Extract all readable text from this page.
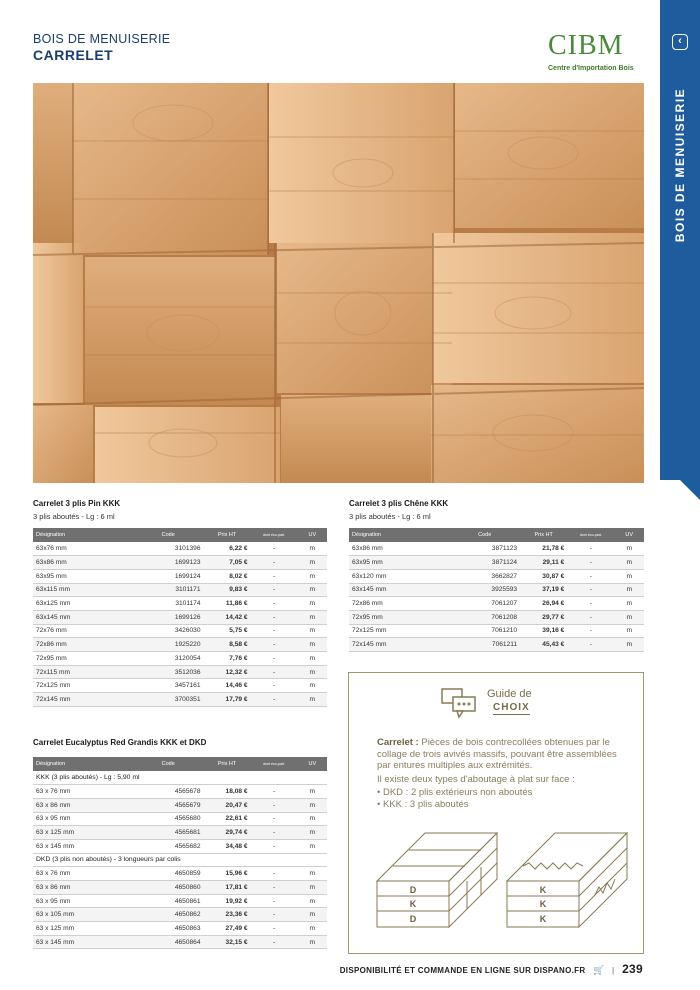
BOIS DE MENUISERIE
CARRELET	CIBM
Centre d'Importation Bois
‹
BOIS DE MENUISERIE
Carrelet 3 plis Pin KKK
3 plis aboutés - Lg : 6 ml
Désignation	Code	Prix HT	dont éco-part.	UV
63x76 mm	3101396	6,22 €	-	m
63x86 mm	1699123	7,05 €	-	m
63x95 mm	1699124	8,02 €	-	m
63x115 mm	3101171	9,83 €	-	m
63x125 mm	3101174	11,86 €	-	m
63x145 mm	1699126	14,42 €	-	m
72x76 mm	3426030	5,75 €	-	m
72x86 mm	1925220	8,58 €	-	m
72x95 mm	3120054	7,76 €	-	m
72x115 mm	3512036	12,32 €	-	m
72x125 mm	3457161	14,46 €	-	m
72x145 mm	3700351	17,79 €	-	m
Carrelet 3 plis Chêne KKK
3 plis aboutés - Lg : 6 ml
Désignation	Code	Prix HT	dont éco-part.	UV
63x86 mm	3871123	21,78 €	-	m
63x95 mm	3871124	29,11 €	-	m
63x120 mm	3662827	30,87 €	-	m
63x145 mm	3925593	37,19 €	-	m
72x86 mm	7061207	26,94 €	-	m
72x95 mm	7061208	29,77 €	-	m
72x125 mm	7061210	39,16 €	-	m
72x145 mm	7061211	45,43 €	-	m
Carrelet Eucalyptus Red Grandis KKK et DKD
Désignation	Code	Prix HT	dont éco-part.	UV
KKK (3 plis aboutés) - Lg : 5,90 ml				
63 x 76 mm	4565678	18,08 €	-	m
63 x 86 mm	4565679	20,47 €	-	m
63 x 95 mm	4565680	22,61 €	-	m
63 x 125 mm	4565681	29,74 €	-	m
63 x 145 mm	4565682	34,48 €	-	m
DKD (3 plis non aboutés) - 3 longueurs par colis				
63 x 76 mm	4650859	15,96 €	-	m
63 x 86 mm	4650860	17,81 €	-	m
63 x 95 mm	4650861	19,92 €	-	m
63 x 105 mm	4650862	23,36 €	-	m
63 x 125 mm	4650863	27,49 €	-	m
63 x 145 mm	4650864	32,15 €	-	m
Guide de
CHOIX

Carrelet : Pièces de bois contrecollées obtenues par le collage de trois avivés massifs, pouvant être assemblées par entures multiples aux extrémités.

Il existe deux types d'aboutage à plat sur face :

• DKD : 2 plis extérieurs non aboutés
• KKK : 3 plis aboutés
D
K
D
K
K
K
DISPONIBILITÉ ET COMMANDE EN LIGNE SUR DISPANO.FR 🛒 | 239
